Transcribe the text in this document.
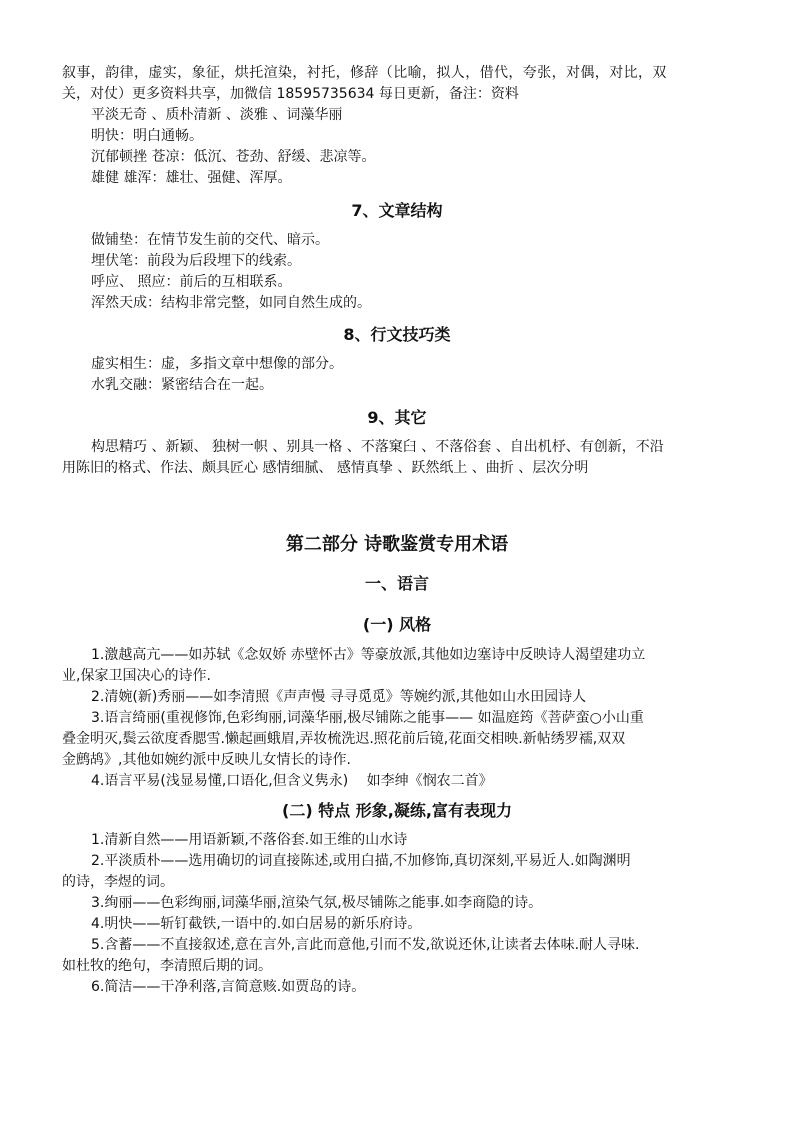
叙事，韵律，虚实，象征，烘托渲染，衬托，修辞（比喻，拟人，借代，夸张，对偶，对比，双
关，对仗）更多资料共享，加微信 18595735634 每日更新，备注：资料
平淡无奇 、质朴清新 、淡雅 、词藻华丽
明快：明白通畅。
沉郁顿挫 苍凉：低沉、苍劲、舒缓、悲凉等。
雄健 雄浑：雄壮、强健、浑厚。
7、文章结构
做铺垫：在情节发生前的交代、暗示。
埋伏笔：前段为后段埋下的线索。
呼应、 照应：前后的互相联系。
浑然天成：结构非常完整，如同自然生成的。
8、行文技巧类
虚实相生：虚，多指文章中想像的部分。
水乳交融：紧密结合在一起。
9、其它
构思精巧 、新颖、 独树一帜 、别具一格 、不落窠臼 、不落俗套 、自出机杼、有创新，不沿
用陈旧的格式、作法、颇具匠心 感情细腻、 感情真挚 、跃然纸上 、曲折 、层次分明
第二部分 诗歌鉴赏专用术语
一、语言
(一) 风格
1.激越高亢——如苏轼《念奴娇 赤壁怀古》等豪放派,其他如边塞诗中反映诗人渴望建功立
业,保家卫国决心的诗作.
2.清婉(新)秀丽——如李清照《声声慢 寻寻觅觅》等婉约派,其他如山水田园诗人
3.语言绮丽(重视修饰,色彩绚丽,词藻华丽,极尽铺陈之能事—— 如温庭筠《菩萨蛮○小山重
叠金明灭,鬓云欲度香腮雪.懒起画蛾眉,弄妆梳洗迟.照花前后镜,花面交相映.新帖绣罗襦,双双
金鹧鸪》,其他如婉约派中反映儿女情长的诗作.
4.语言平易(浅显易懂,口语化,但含义隽永)　 如李绅《悯农二首》
(二) 特点 形象,凝练,富有表现力
1.清新自然——用语新颖,不落俗套.如王维的山水诗
2.平淡质朴——选用确切的词直接陈述,或用白描,不加修饰,真切深刻,平易近人.如陶渊明
的诗，李煜的词。
3.绚丽——色彩绚丽,词藻华丽,渲染气氛,极尽铺陈之能事.如李商隐的诗。
4.明快——斩钉截铁,一语中的.如白居易的新乐府诗。
5.含蓄——不直接叙述,意在言外,言此而意他,引而不发,欲说还休,让读者去体味.耐人寻味.
如杜牧的绝句，李清照后期的词。
6.简洁——干净利落,言简意赅.如贾岛的诗。
